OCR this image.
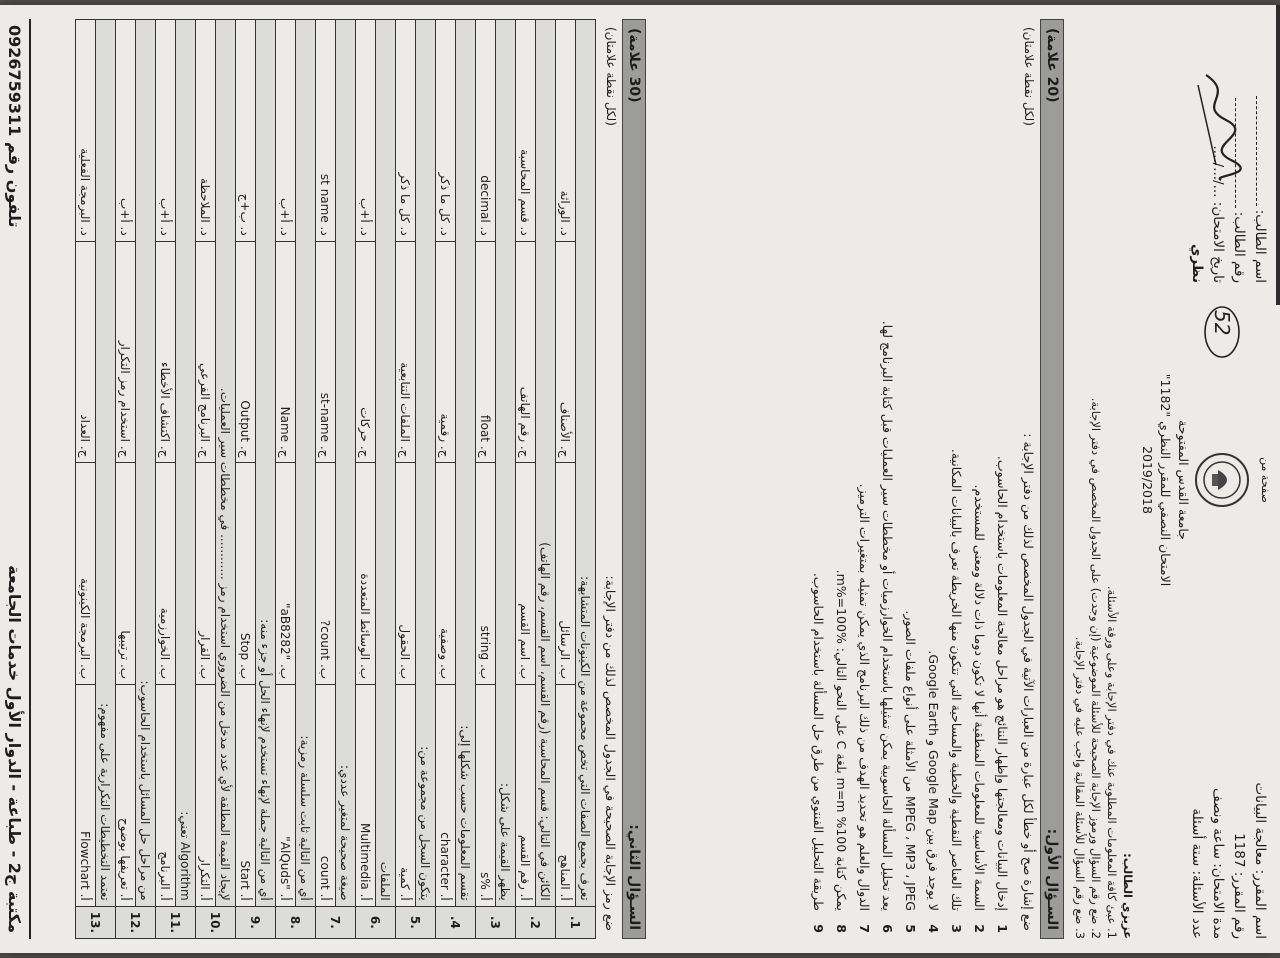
اسم المقرر: معالجة البيانات
رقم المقرر: 1187
مدة الامتحان: ساعة ونصف
عدد الأسئلة: ستة أسئلة
صفحة من
جامعة القدس المفتوحة
الامتحان النصفي للمقرر النظري "1182"
2019/2018
52
اسم الطالب:
رقم الطالب:
تاريخ الامتحان: .../.../....
نظري
عزيزي الطالب:
1. عبئ كافة المعلومات المطلوبة عنك في دفتر الإجابة وعلى ورقة الأسئلة.
2. ضع رقم السؤال ورموز الإجابة الصحيحة للأسئلة الموضوعية (إن وجدت) على الجدول المخصص في دفتر الإجابة.
3. ضع رقم السؤال للأسئلة المقالية واجب عليه في دفتر الإجابة.
السـؤال الأول:
(20 علامة)
ضع إشارة صح أو خطأ لكل عبارة من العبارات الآتية في الجدول المخصص لذلك من دفتر الإجابة :
(لكل نقطة علامتان)
1إدخال البيانات ومعالجتها وإظهار النتائج هو مراحل معالجة المعلومات باستخدام الحاسوب.
2السمة الأساسية للمعلومات المنطقية أنها لا تكون دوما ذات دلالة ومعنى للمستخدم.
3تلك العناصر النقطية والخطية والمساحية التي تتكون منها الخريطة تعرف بالبيانات المكانية.
4لا يوجد فرق بين Google Map و Google Earth.
5MPEG ، MP3 ، JPEG من الأمثلة على أنواع ملفات الصور.
6يعد تحليل المسألة الحاسوبية يمكن تمثيلها باستخدام الخوارزميات أو مخططات سير العمليات قبل كتابة البرنامج لها.
7الدوال والعلم هو تحديد الهدف من ذلك البرنامج الذي يمكن تمثيله بمتغيرات الترميز.
8يمكن كتابة 100% m=m بلغة C على النحو التالي: m%=100%.
9طريقة التحليل الفنتوي من طرق حل المسألة باستخدام الحاسوب.
السـؤال الثاني:
(30 علامة)
ضع رمز الإجابة الصحيحة في الجدول المخصص لذلك من دفتر الإجابة:
(لكل نقطة علامتان)
1.	تعرف بجميع الصفات التي تخص مجموعة من الكينونات المتشابهة:			
	أ. المناهج	ب. الرسائل	ج. الأصناف	د. الوراثة
2.	الكائن في التالي: قسم المحاسبة (رقم القسم، اسم القسم، رقم الهاتف)			
	أ. رقم القسم	ب. اسم القسم	ج. رقم الهاتف	د. قسم المحاسبة
3.	يظهر القيمة على شكل:			
	أ. %s	ب. string	ج. float	د. decimal
4.	تقسم المعلومات حسب شكلها إلى:			
	أ. character	ب. وصفية	ج. رقمية	د. كل ما ذكر
.5	يتكون السجل من مجموعة من:			
	أ. كمية	ب. الحقول	ج. الملفات التتابعية	د. كل ما ذكر
.6	الملفات			
	أ. Multimedia	ب. الوسائط المتعددة	ج. حركات	د. أ+ب
.7	صيغة صحيحة لمتغير عددي:			
	أ. count	ب. count?	ج. st-name	د. st name
.8	أي من التالية ثابت سلسلة رمزية:			
	أ. "AlQuds"	ب. "aB8282"	ج. Name	د. أ+ب
.9	أي من التالية جملة لإنهاء تستخدم لإنهاء الحل أو جزء منه:			
	أ. Start	ب. Stop	ج. Output	د. ب+ج
.10	لإيجاد القيمة المطلقة لأي عدد مدخل من الضروري استخدام رمز ............ في مخططات سير العمليات.			
	أ. التكرار	ب. القرار	ج. البرنامج الفرعي	د. الملاحظة
.11	Algorithm تعني:			
	أ. البرنامج	ب. الخوارزمية	ج. اكتشاف الأخطاء	د. أ+ب
.12	من مراحل حل المسائل باستخدام الحاسوب:			
	أ. تعريفها بوضوح	ب. ترتيبها	ج. استخدام رمز التكرار	د. أ+ب
.13	تعتمد التخطيطات التكرارية على مفهوم:			
	أ. Flowchart	ب. البرمجة الكينونية	ج. العداد	د. البرمجة الفعلية
مكتبة ج2 - طباعة - الدوار الأول خدمات الجامعة
0926759311 تلفون رقم
